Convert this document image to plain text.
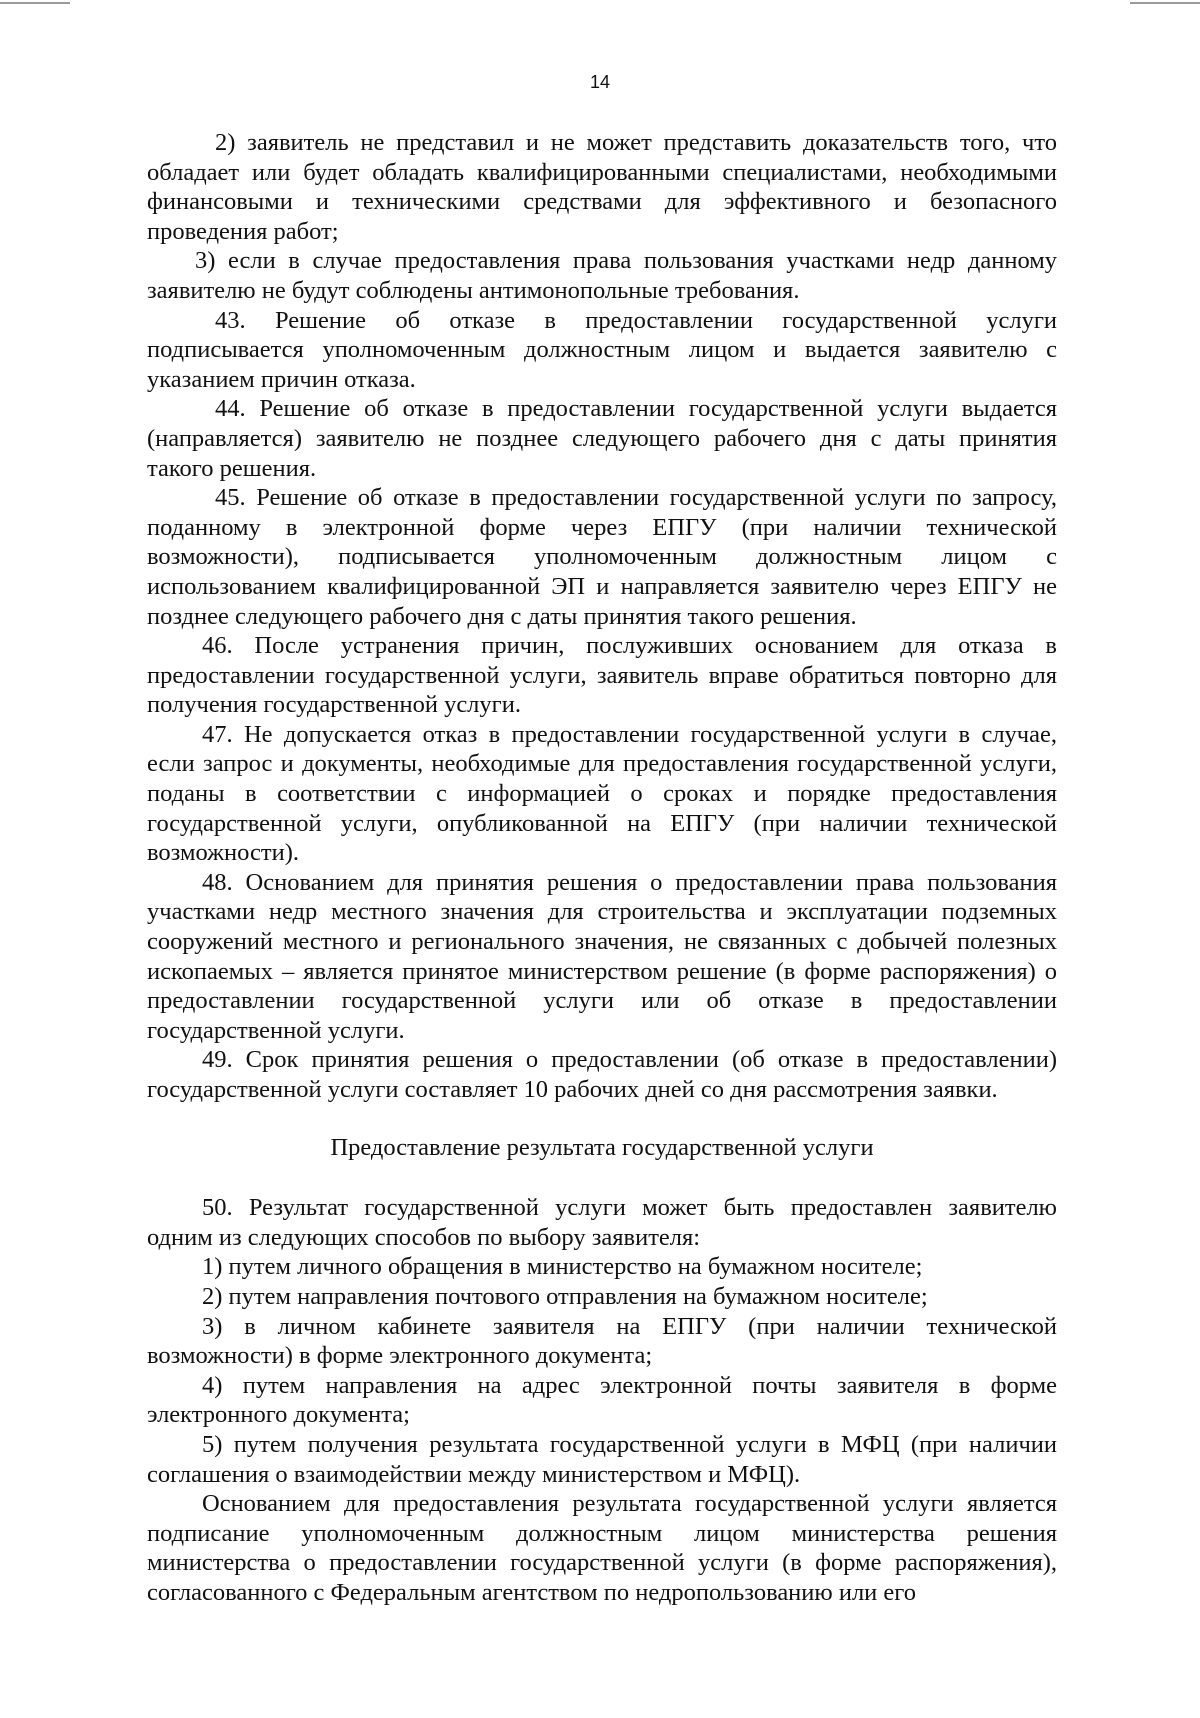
14

2) заявитель не представил и не может представить доказательств того, что обладает или будет обладать квалифицированными специалистами, необходимыми финансовыми и техническими средствами для эффективного и безопасного проведения работ;

3) если в случае предоставления права пользования участками недр данному заявителю не будут соблюдены антимонопольные требования.

43. Решение об отказе в предоставлении государственной услуги подписывается уполномоченным должностным лицом и выдается заявителю с указанием причин отказа.

44. Решение об отказе в предоставлении государственной услуги выдается (направляется) заявителю не позднее следующего рабочего дня с даты принятия такого решения.

45. Решение об отказе в предоставлении государственной услуги по запросу, поданному в электронной форме через ЕПГУ (при наличии технической возможности), подписывается уполномоченным должностным лицом с использованием квалифицированной ЭП и направляется заявителю через ЕПГУ не позднее следующего рабочего дня с даты принятия такого решения.

46. После устранения причин, послуживших основанием для отказа в предоставлении государственной услуги, заявитель вправе обратиться повторно для получения государственной услуги.

47. Не допускается отказ в предоставлении государственной услуги в случае, если запрос и документы, необходимые для предоставления государственной услуги, поданы в соответствии с информацией о сроках и порядке предоставления государственной услуги, опубликованной на ЕПГУ (при наличии технической возможности).

48. Основанием для принятия решения о предоставлении права пользования участками недр местного значения для строительства и эксплуатации подземных сооружений местного и регионального значения, не связанных с добычей полезных ископаемых – является принятое министерством решение (в форме распоряжения) о предоставлении государственной услуги или об отказе в предоставлении государственной услуги.

49. Срок принятия решения о предоставлении (об отказе в предоставлении) государственной услуги составляет 10 рабочих дней со дня рассмотрения заявки.

Предоставление результата государственной услуги

50. Результат государственной услуги может быть предоставлен заявителю одним из следующих способов по выбору заявителя:

1) путем личного обращения в министерство на бумажном носителе;

2) путем направления почтового отправления на бумажном носителе;

3) в личном кабинете заявителя на ЕПГУ (при наличии технической возможности) в форме электронного документа;

4) путем направления на адрес электронной почты заявителя в форме электронного документа;

5) путем получения результата государственной услуги в МФЦ (при наличии соглашения о взаимодействии между министерством и МФЦ).

Основанием для предоставления результата государственной услуги является подписание уполномоченным должностным лицом министерства решения министерства о предоставлении государственной услуги (в форме распоряжения), согласованного с Федеральным агентством по недропользованию или его
